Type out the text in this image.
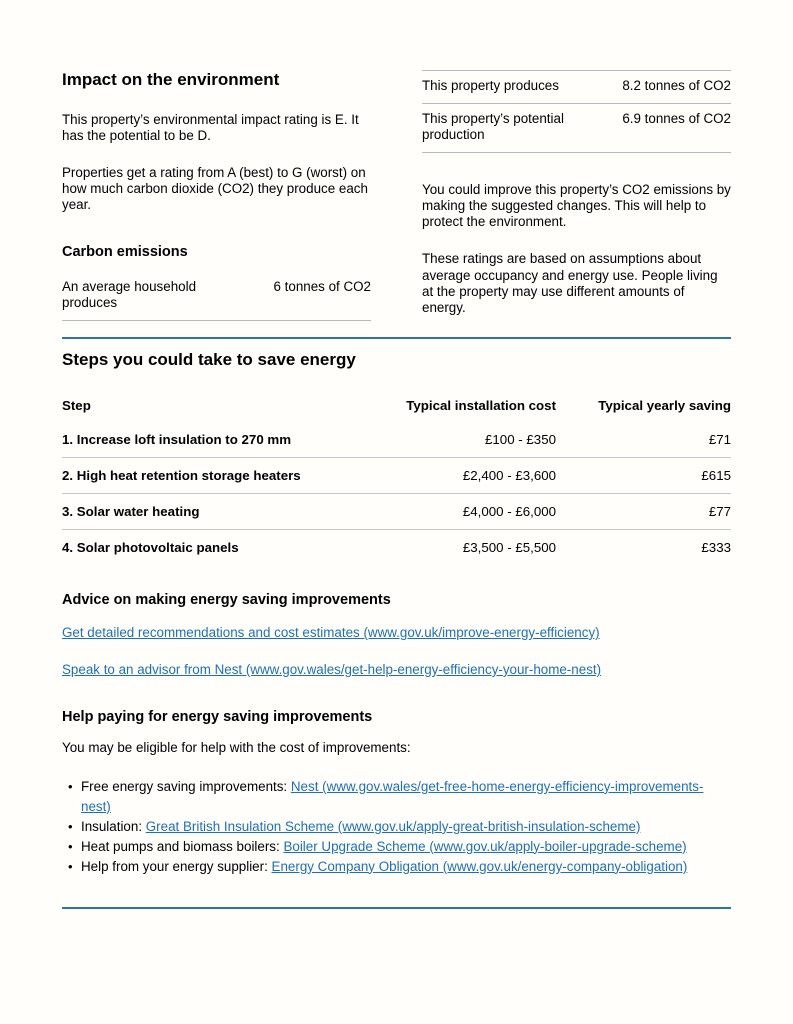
Impact on the environment

This property’s environmental impact rating is E. It has the potential to be D.

Properties get a rating from A (best) to G (worst) on how much carbon dioxide (CO2) they produce each year.

Carbon emissions
An average household produces
6 tonnes of CO2
This property produces	8.2 tonnes of CO2
This property’s potential production
6.9 tonnes of CO2

You could improve this property’s CO2 emissions by making the suggested changes. This will help to protect the environment.

These ratings are based on assumptions about average occupancy and energy use. People living at the property may use different amounts of energy.

Steps you could take to save energy
Step	Typical installation cost	Typical yearly saving
1. Increase loft insulation to 270 mm	£100 - £350	£71
2. High heat retention storage heaters	£2,400 - £3,600	£615
3. Solar water heating	£4,000 - £6,000	£77
4. Solar photovoltaic panels	£3,500 - £5,500	£333
Advice on making energy saving improvements
Get detailed recommendations and cost estimates (www.gov.uk/improve-energy-efficiency)
Speak to an advisor from Nest (www.gov.wales/get-help-energy-efficiency-your-home-nest)
Help paying for energy saving improvements

You may be eligible for help with the cost of improvements:

• Free energy saving improvements: Nest (www.gov.wales/get-free-home-energy-efficiency-improvements-nest)
• Insulation: Great British Insulation Scheme (www.gov.uk/apply-great-british-insulation-scheme)
• Heat pumps and biomass boilers: Boiler Upgrade Scheme (www.gov.uk/apply-boiler-upgrade-scheme)
• Help from your energy supplier: Energy Company Obligation (www.gov.uk/energy-company-obligation)
